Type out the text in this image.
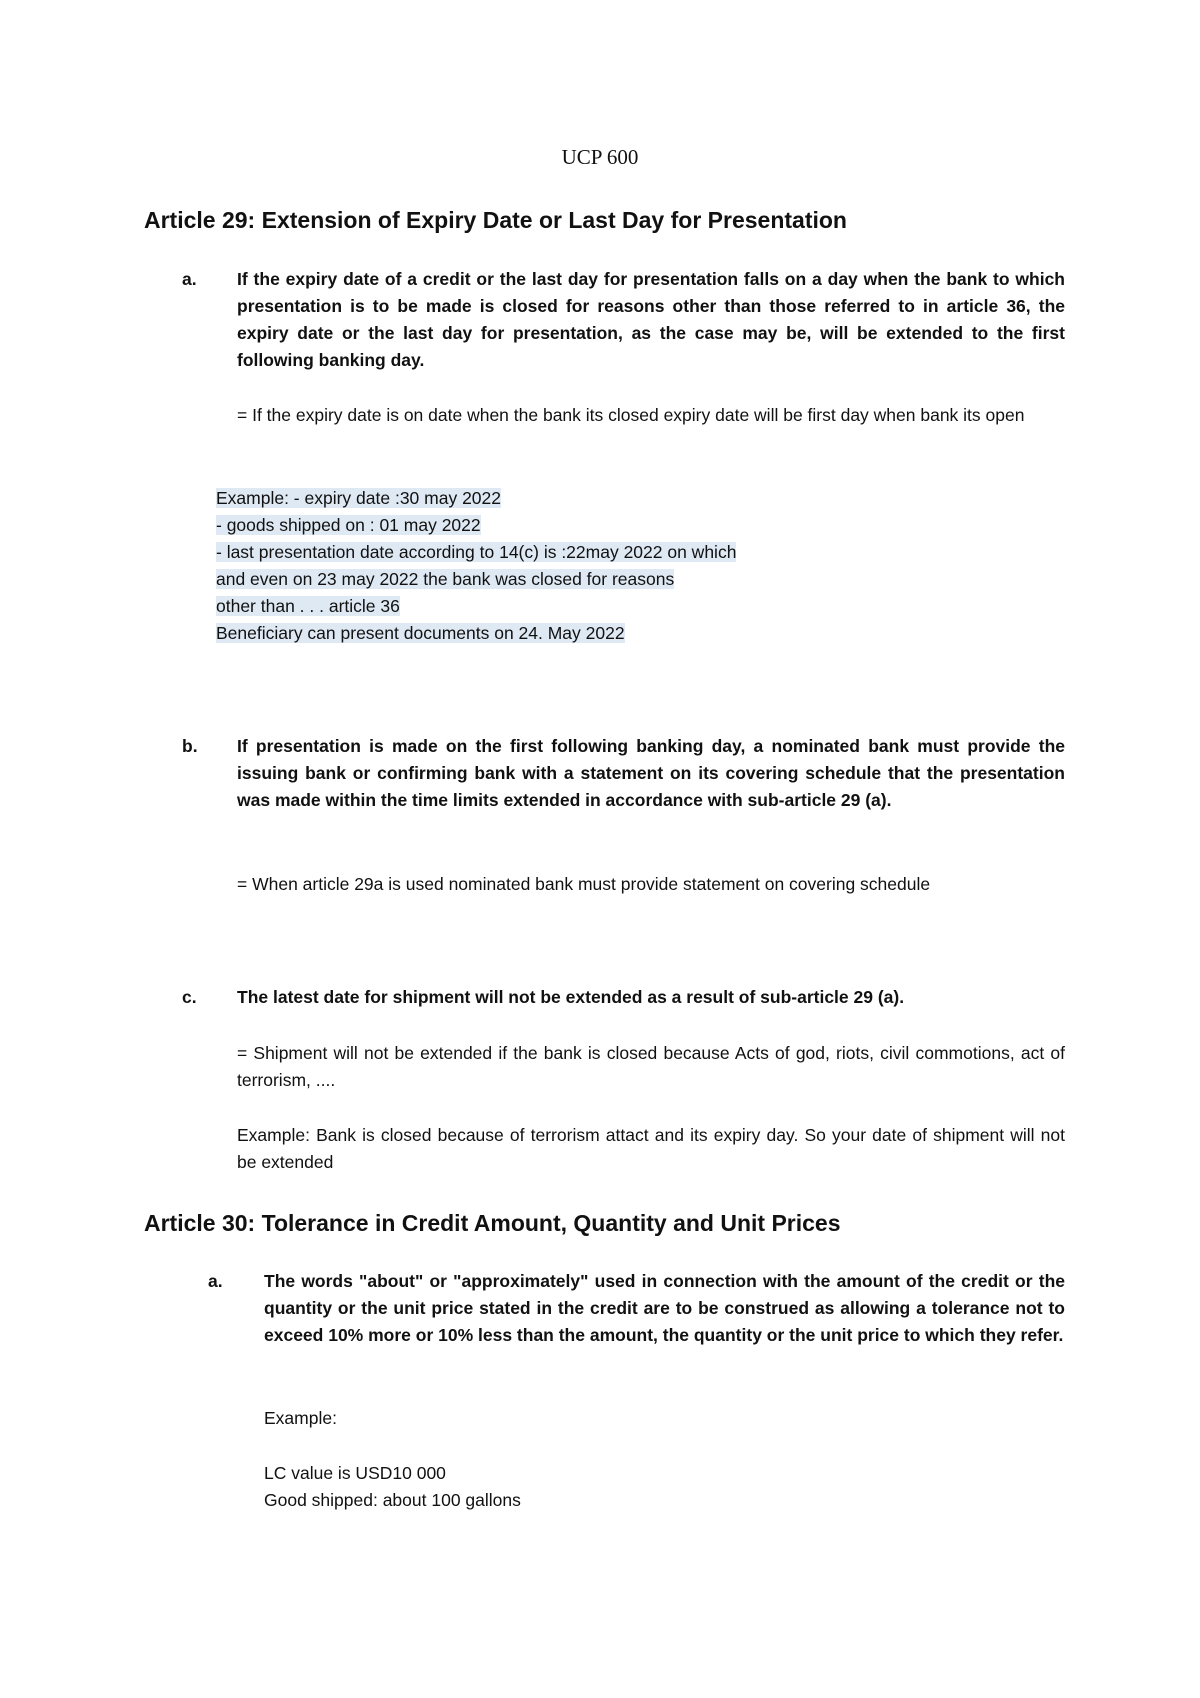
UCP 600
Article 29: Extension of Expiry Date or Last Day for Presentation
a. If the expiry date of a credit or the last day for presentation falls on a day when the bank to which presentation is to be made is closed for reasons other than those referred to in article 36, the expiry date or the last day for presentation, as the case may be, will be extended to the first following banking day.
= If the expiry date is on date when the bank its closed expiry date will be first day when bank its open
Example: - expiry date :30 may 2022
- goods shipped on : 01 may 2022
- last presentation date according to 14(c) is :22may 2022 on which
and even on 23 may 2022 the bank was closed for reasons
other than . . . article 36
Beneficiary can present documents on 24. May 2022
b. If presentation is made on the first following banking day, a nominated bank must provide the issuing bank or confirming bank with a statement on its covering schedule that the presentation was made within the time limits extended in accordance with sub-article 29 (a).
= When article 29a is used nominated bank must provide statement on covering schedule
c. The latest date for shipment will not be extended as a result of sub-article 29 (a).
= Shipment will not be extended if the bank is closed because Acts of god, riots, civil commotions, act of terrorism, ....
Example: Bank is closed because of terrorism attact and its expiry day. So your date of shipment will not be extended
Article 30: Tolerance in Credit Amount, Quantity and Unit Prices
a. The words "about" or "approximately" used in connection with the amount of the credit or the quantity or the unit price stated in the credit are to be construed as allowing a tolerance not to exceed 10% more or 10% less than the amount, the quantity or the unit price to which they refer.
Example:
LC value is USD10 000
Good shipped: about 100 gallons
